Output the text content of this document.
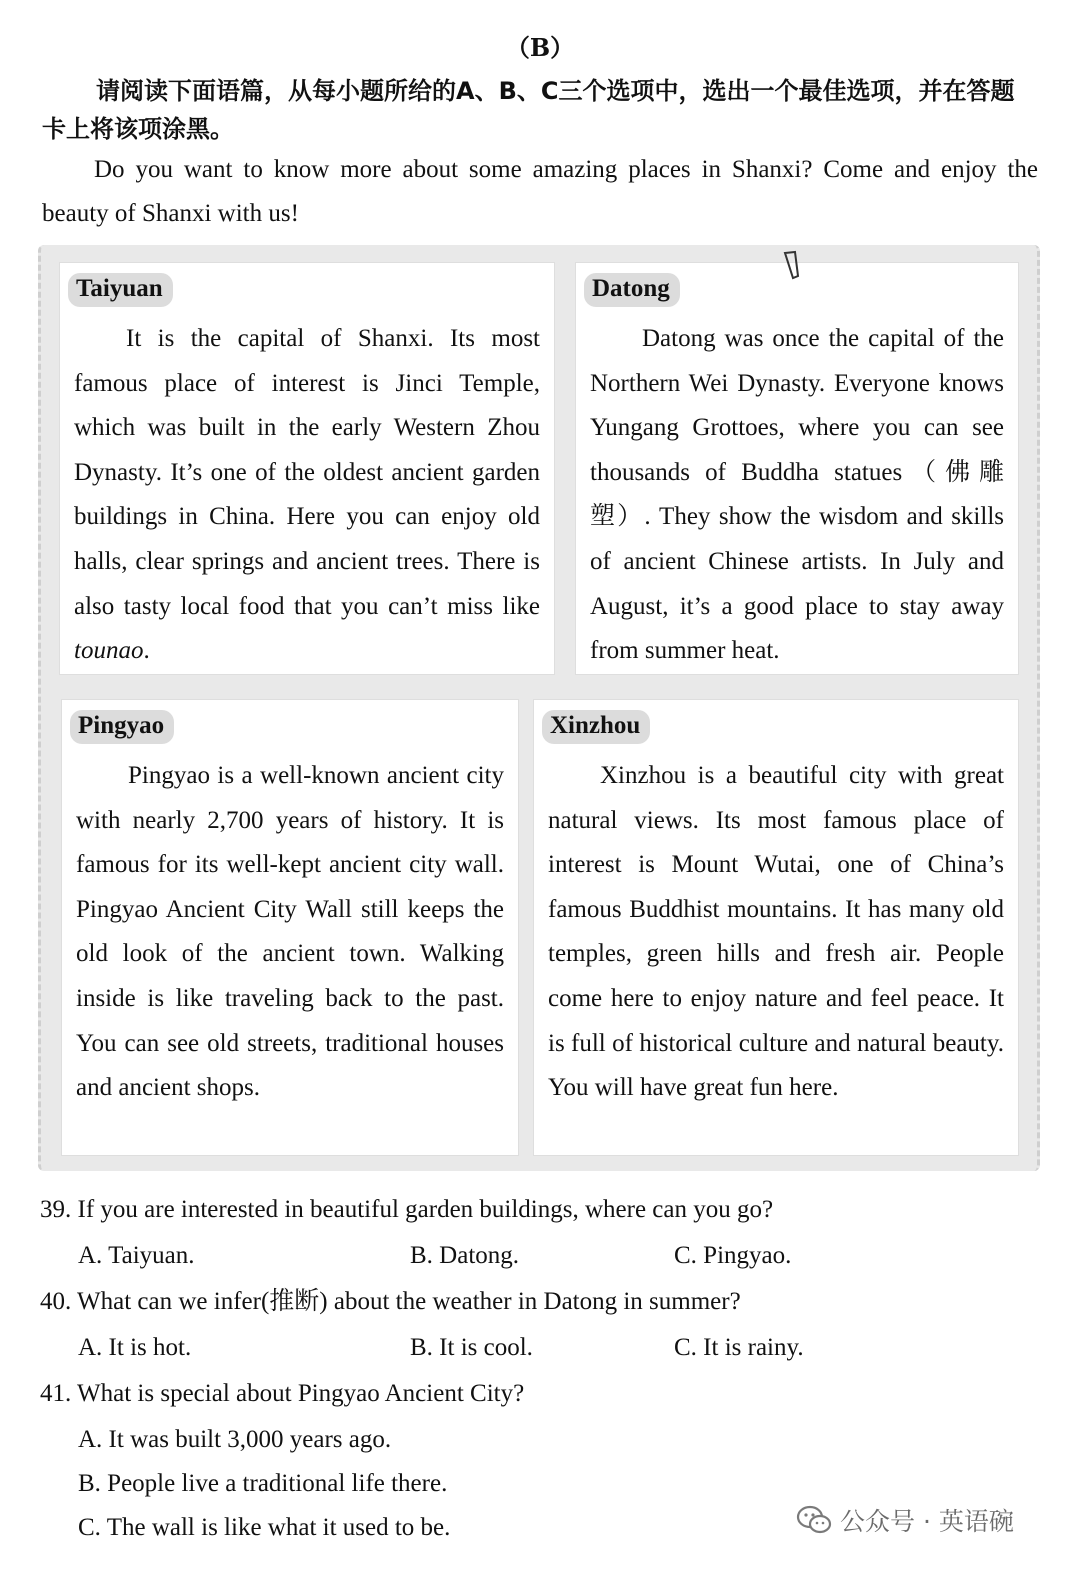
（B）
请阅读下面语篇，从每小题所给的A、B、C三个选项中，选出一个最佳选项，并在答题卡上将该项涂黑。
Do you want to know more about some amazing places in Shanxi? Come and enjoy the beauty of Shanxi with us!
Taiyuan
It is the capital of Shanxi. Its most famous place of interest is Jinci Temple, which was built in the early Western Zhou Dynasty. It’s one of the oldest ancient garden buildings in China. Here you can enjoy old halls, clear springs and ancient trees. There is also tasty local food that you can’t miss like tounao.
Datong
Datong was once the capital of the Northern Wei Dynasty. Everyone knows Yungang Grottoes, where you can see thousands of Buddha statues（佛雕塑）. They show the wisdom and skills of ancient Chinese artists. In July and August, it’s a good place to stay away from summer heat.
Pingyao
Pingyao is a well-known ancient city with nearly 2,700 years of history. It is famous for its well-kept ancient city wall. Pingyao Ancient City Wall still keeps the old look of the ancient town. Walking inside is like traveling back to the past. You can see old streets, traditional houses and ancient shops.
Xinzhou
Xinzhou is a beautiful city with great natural views. Its most famous place of interest is Mount Wutai, one of China’s famous Buddhist mountains. It has many old temples, green hills and fresh air. People come here to enjoy nature and feel peace. It is full of historical culture and natural beauty. You will have great fun here.
39. If you are interested in beautiful garden buildings, where can you go?
A. Taiyuan.	B. Datong.	C. Pingyao.
40. What can we infer(推断) about the weather in Datong in summer?
A. It is hot.	B. It is cool.	C. It is rainy.
41. What is special about Pingyao Ancient City?
A. It was built 3,000 years ago.
B. People live a traditional life there.
C. The wall is like what it used to be.	公众号 · 英语碗
